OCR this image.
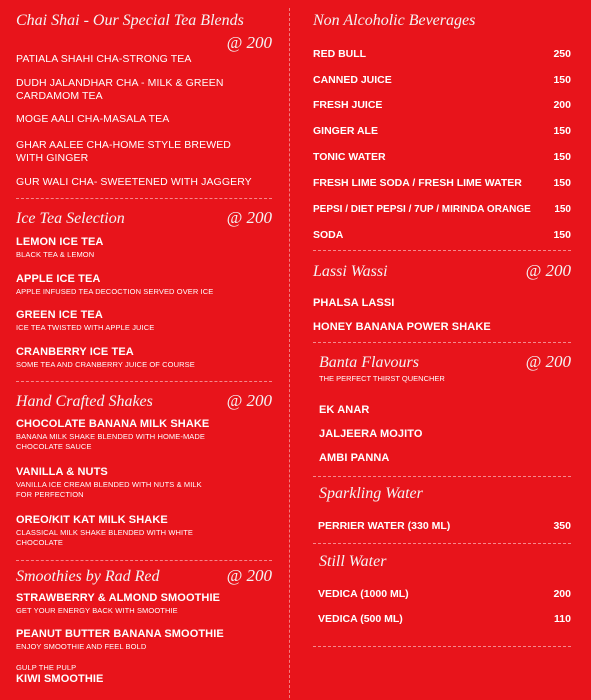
Chai Shai - Our Special Tea Blends
@ 200
PATIALA SHAHI CHA-STRONG TEA
DUDH JALANDHAR CHA - MILK & GREEN CARDAMOM TEA
MOGE AALI CHA-MASALA TEA
GHAR AALEE CHA-HOME STYLE BREWED WITH GINGER
GUR WALI CHA- SWEETENED WITH JAGGERY
Ice Tea Selection	@ 200
LEMON ICE TEA
BLACK TEA & LEMON
APPLE ICE TEA
APPLE INFUSED TEA DECOCTION SERVED OVER ICE
GREEN ICE TEA
ICE TEA TWISTED WITH APPLE JUICE
CRANBERRY ICE TEA
SOME TEA AND CRANBERRY JUICE OF COURSE
Hand Crafted Shakes	@ 200
CHOCOLATE BANANA MILK SHAKE
BANANA MILK SHAKE BLENDED WITH HOME-MADE CHOCOLATE SAUCE
VANILLA & NUTS
VANILLA ICE CREAM BLENDED WITH NUTS & MILK FOR PERFECTION
OREO/KIT KAT MILK SHAKE
CLASSICAL MILK SHAKE BLENDED WITH WHITE CHOCOLATE
Smoothies by Rad Red	@ 200
STRAWBERRY & ALMOND SMOOTHIE
GET YOUR ENERGY BACK WITH SMOOTHIE
PEANUT BUTTER BANANA SMOOTHIE
ENJOY SMOOTHIE AND FEEL BOLD
GULP THE PULP
KIWI SMOOTHIE
Non Alcoholic Beverages
RED BULL	250
CANNED JUICE	150
FRESH JUICE	200
GINGER ALE	150
TONIC WATER	150
FRESH LIME SODA / FRESH LIME WATER	150
PEPSI / DIET PEPSI / 7UP / MIRINDA ORANGE 150
SODA	150
Lassi Wassi	@ 200
PHALSA LASSI
HONEY BANANA POWER SHAKE
Banta Flavours	@ 200
THE PERFECT THIRST QUENCHER
EK ANAR
JALJEERA MOJITO
AMBI PANNA
Sparkling Water
PERRIER WATER (330 ML)	350
Still Water
VEDICA (1000 ML)	200
VEDICA (500 ML)	110
